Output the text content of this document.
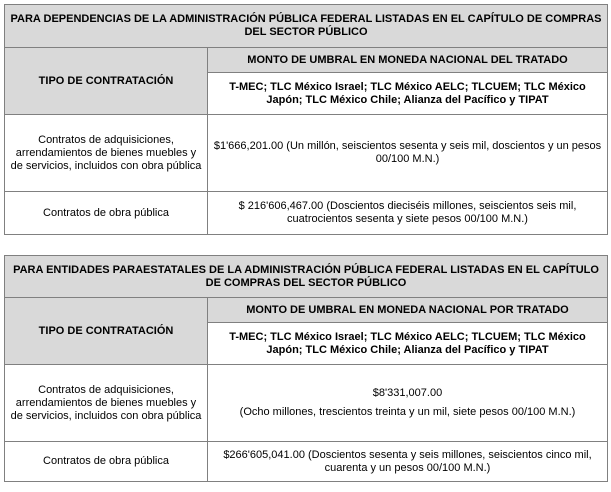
PARA DEPENDENCIAS DE LA ADMINISTRACIÓN PÚBLICA FEDERAL LISTADAS EN EL CAPÍTULO DE COMPRAS DEL SECTOR PÚBLICO	
TIPO DE CONTRATACIÓN	MONTO DE UMBRAL EN MONEDA NACIONAL DEL TRATADO
	T-MEC; TLC México Israel; TLC México AELC; TLCUEM; TLC México Japón; TLC México Chile; Alianza del Pacífico y TIPAT
Contratos de adquisiciones, arrendamientos de bienes muebles y de servicios, incluidos con obra pública	$1'666,201.00 (Un millón, seiscientos sesenta y seis mil, doscientos y un pesos 00/100 M.N.)
Contratos de obra pública	$ 216'606,467.00 (Doscientos dieciséis millones, seiscientos seis mil, cuatrocientos sesenta y siete pesos 00/100 M.N.)
PARA ENTIDADES PARAESTATALES DE LA ADMINISTRACIÓN PÚBLICA FEDERAL LISTADAS EN EL CAPÍTULO DE COMPRAS DEL SECTOR PÚBLICO	
TIPO DE CONTRATACIÓN	MONTO DE UMBRAL EN MONEDA NACIONAL POR TRATADO
	T-MEC; TLC México Israel; TLC México AELC; TLCUEM; TLC México Japón; TLC México Chile; Alianza del Pacífico y TIPAT
Contratos de adquisiciones, arrendamientos de bienes muebles y de servicios, incluidos con obra pública	$8'331,007.00
(Ocho millones, trescientos treinta y un mil, siete pesos 00/100 M.N.)

Contratos de obra pública	$266'605,041.00 (Doscientos sesenta y seis millones, seiscientos cinco mil, cuarenta y un pesos 00/100 M.N.)
